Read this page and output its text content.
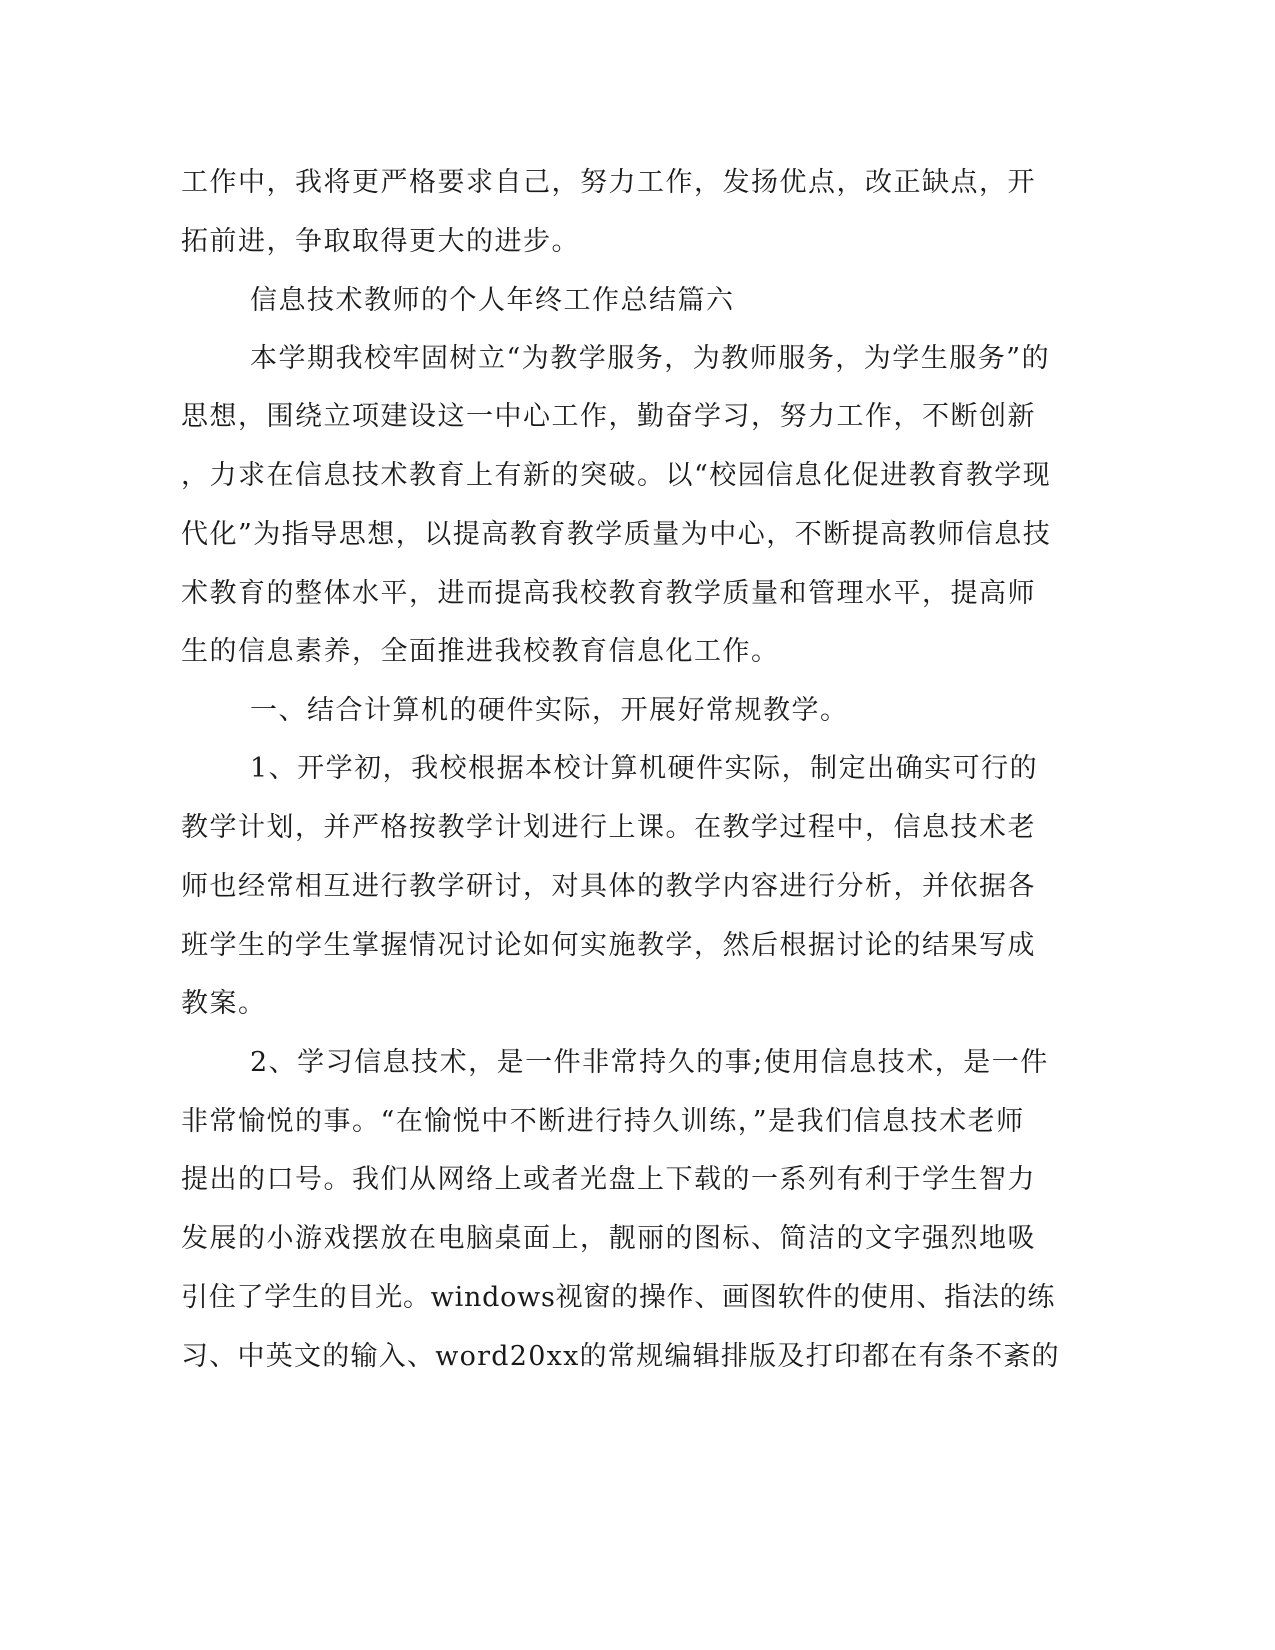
工作中，我将更严格要求自己，努力工作，发扬优点，改正缺点，开
拓前进，争取取得更大的进步。
信息技术教师的个人年终工作总结篇六
本学期我校牢固树立“为教学服务，为教师服务，为学生服务”的
思想，围绕立项建设这一中心工作，勤奋学习，努力工作，不断创新
，力求在信息技术教育上有新的突破。以“校园信息化促进教育教学现
代化”为指导思想，以提高教育教学质量为中心，不断提高教师信息技
术教育的整体水平，进而提高我校教育教学质量和管理水平，提高师
生的信息素养，全面推进我校教育信息化工作。
一、结合计算机的硬件实际，开展好常规教学。
1、开学初，我校根据本校计算机硬件实际，制定出确实可行的
教学计划，并严格按教学计划进行上课。在教学过程中，信息技术老
师也经常相互进行教学研讨，对具体的教学内容进行分析，并依据各
班学生的学生掌握情况讨论如何实施教学，然后根据讨论的结果写成
教案。
2、学习信息技术，是一件非常持久的事;使用信息技术，是一件
非常愉悦的事。“在愉悦中不断进行持久训练，”是我们信息技术老师
提出的口号。我们从网络上或者光盘上下载的一系列有利于学生智力
发展的小游戏摆放在电脑桌面上，靓丽的图标、简洁的文字强烈地吸
引住了学生的目光。windows视窗的操作、画图软件的使用、指法的练
习、中英文的输入、word20xx的常规编辑排版及打印都在有条不紊的
